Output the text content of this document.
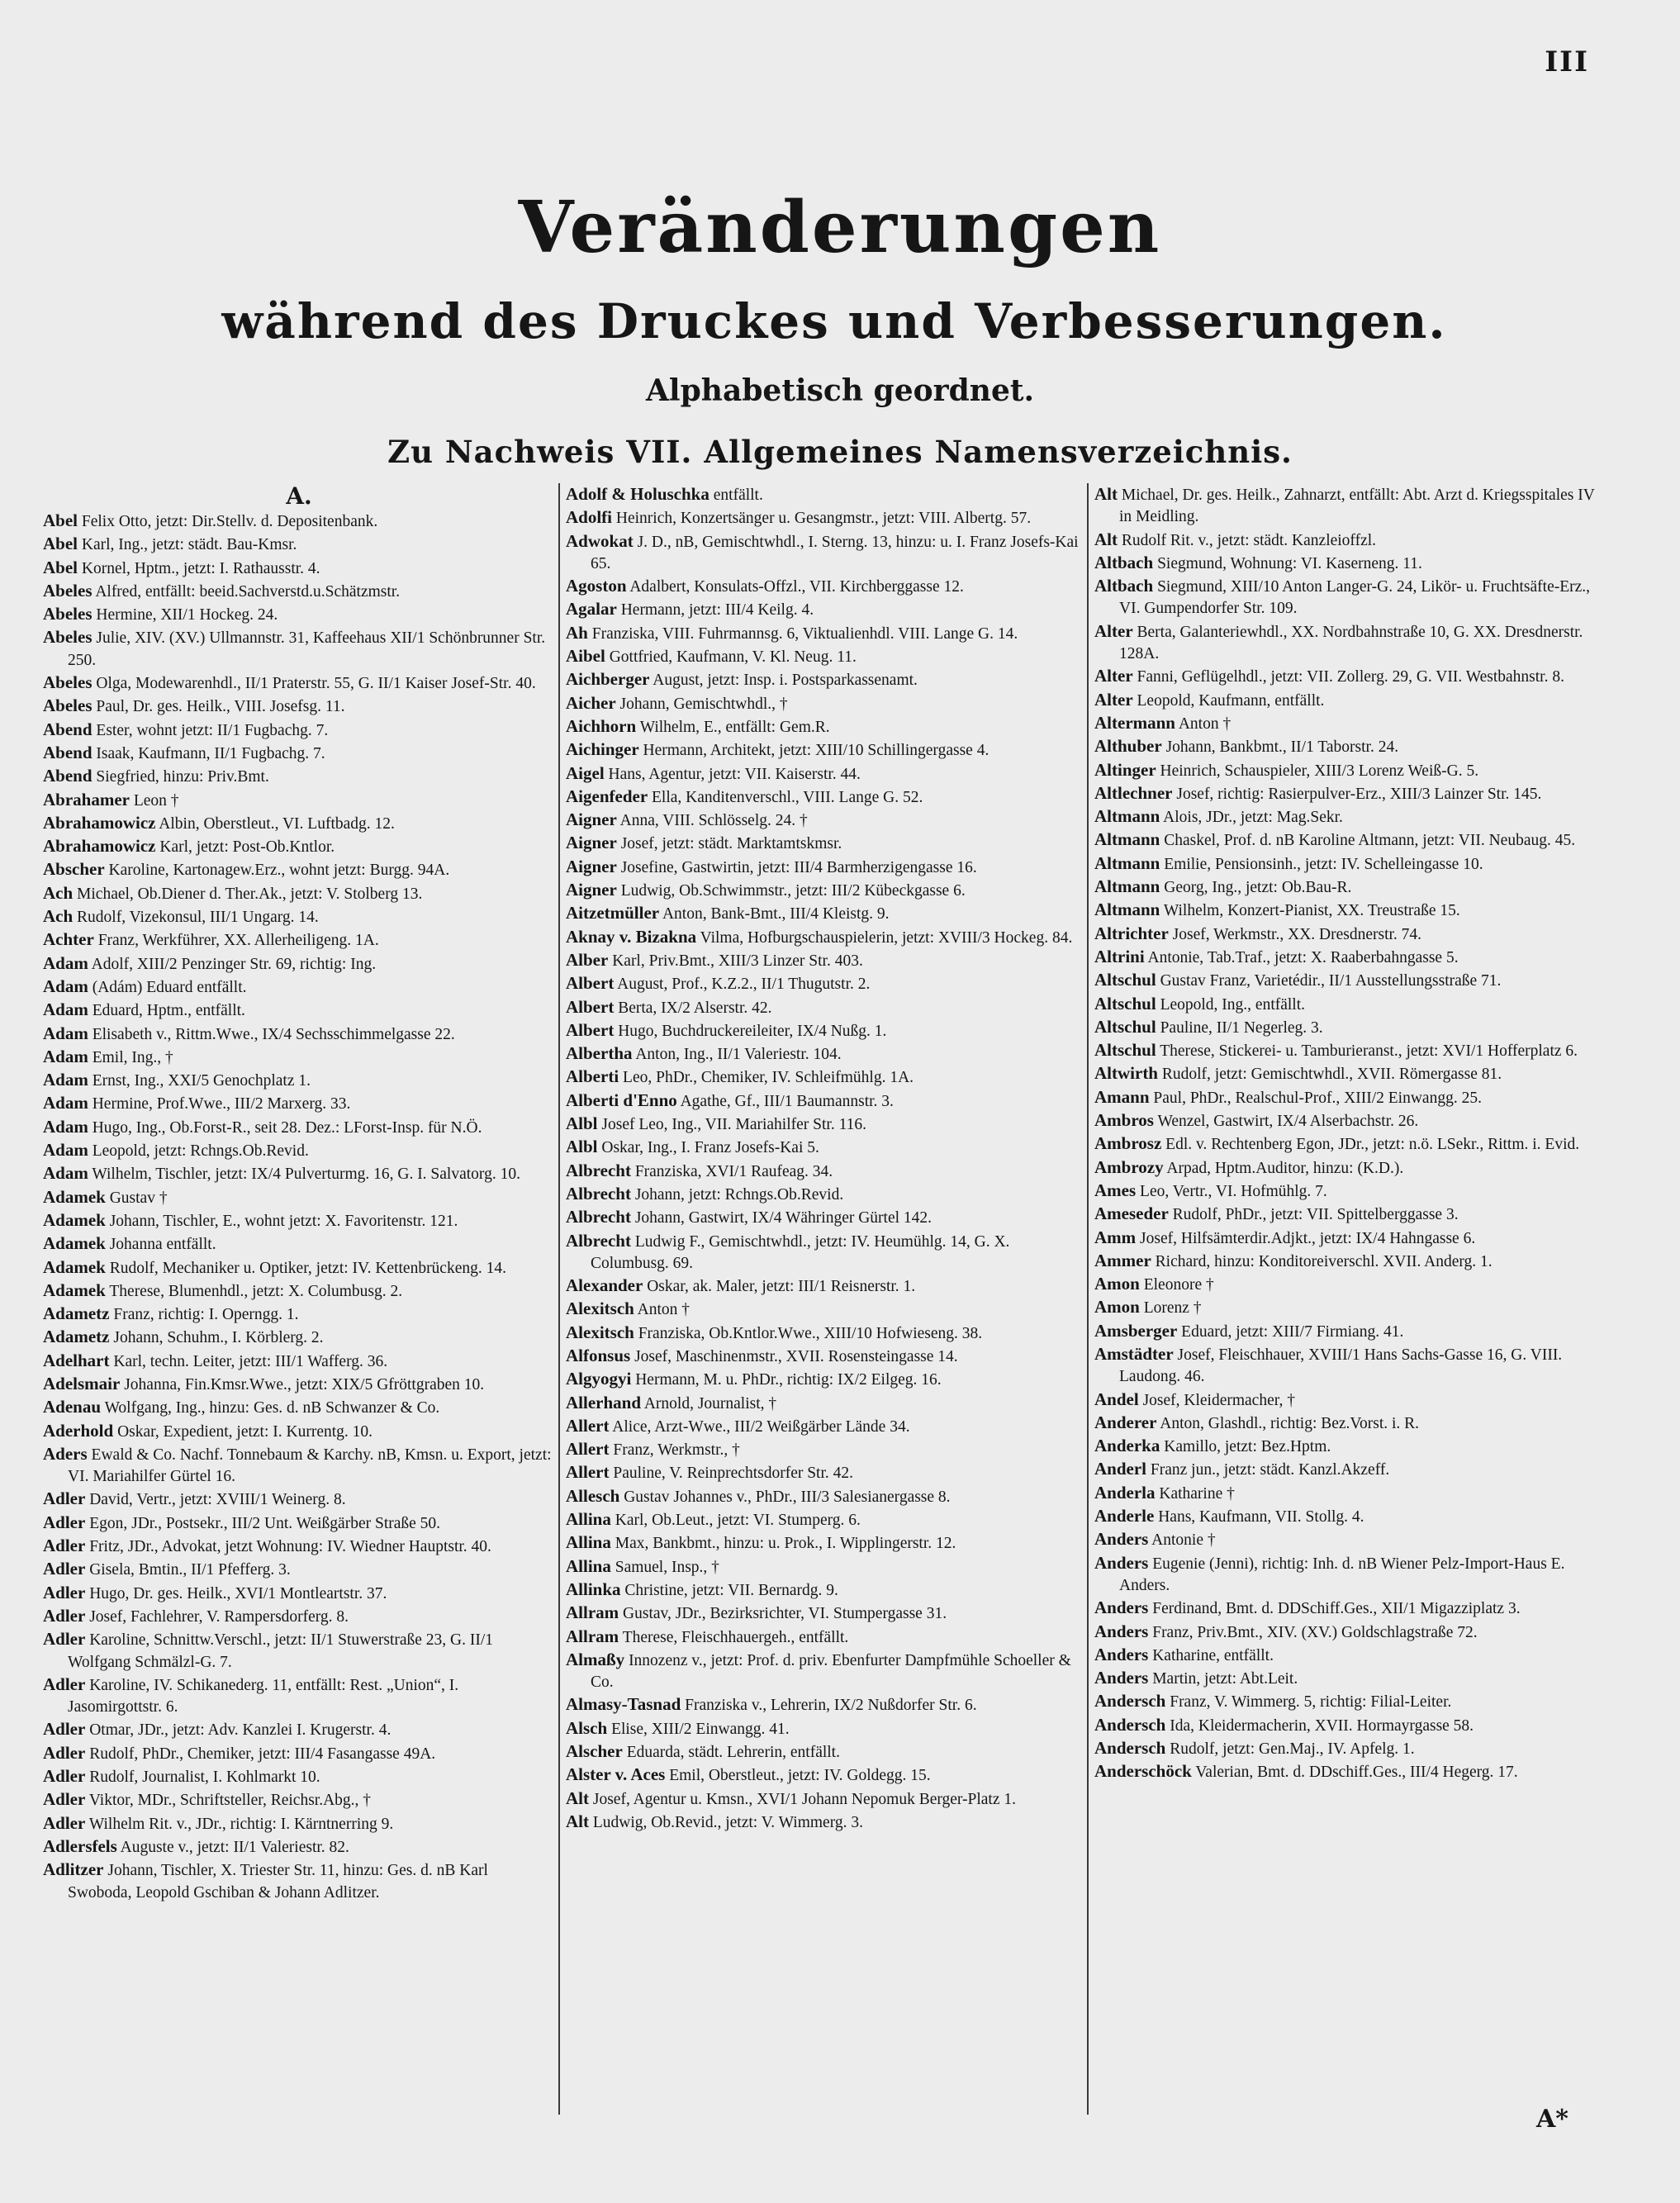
III
Veränderungen
während des Druckes und Verbesserungen.
Alphabetisch geordnet.
Zu Nachweis VII. Allgemeines Namensverzeichnis.
A.
Abel Felix Otto, jetzt: Dir.Stellv. d. Depositenbank.
Abel Karl, Ing., jetzt: städt. Bau-Kmsr.
Abel Kornel, Hptm., jetzt: I. Rathausstr. 4.
Abeles Alfred, entfällt: beeid.Sachverstd.u.Schätzmstr.
Abeles Hermine, XII/1 Hockeg. 24.
Abeles Julie, XIV. (XV.) Ullmannstr. 31, Kaffeehaus XII/1 Schönbrunner Str. 250.
Abeles Olga, Modewarenhdl., II/1 Praterstr. 55, G. II/1 Kaiser Josef-Str. 40.
Abeles Paul, Dr. ges. Heilk., VIII. Josefsg. 11.
Abend Ester, wohnt jetzt: II/1 Fugbachg. 7.
Abend Isaak, Kaufmann, II/1 Fugbachg. 7.
Abend Siegfried, hinzu: Priv.Bmt.
Abrahamer Leon †
Abrahamowicz Albin, Oberstleut., VI. Luftbadg. 12.
Abrahamowicz Karl, jetzt: Post-Ob.Kntlor.
Abscher Karoline, Kartonagew.Erz., wohnt jetzt: Burgg. 94A.
Ach Michael, Ob.Diener d. Ther.Ak., jetzt: V. Stolberg 13.
Ach Rudolf, Vizekonsul, III/1 Ungarg. 14.
Achter Franz, Werkführer, XX. Allerheiligeng. 1A.
Adam Adolf, XIII/2 Penzinger Str. 69, richtig: Ing.
Adam (Adám) Eduard entfällt.
Adam Eduard, Hptm., entfällt.
Adam Elisabeth v., Rittm.Wwe., IX/4 Sechsschimmelgasse 22.
Adam Emil, Ing., †
Adam Ernst, Ing., XXI/5 Genochplatz 1.
Adam Hermine, Prof.Wwe., III/2 Marxerg. 33.
Adam Hugo, Ing., Ob.Forst-R., seit 28. Dez.: LForst-Insp. für N.Ö.
Adam Leopold, jetzt: Rchngs.Ob.Revid.
Adam Wilhelm, Tischler, jetzt: IX/4 Pulverturmg. 16, G. I. Salvatorg. 10.
Adamek Gustav †
Adamek Johann, Tischler, E., wohnt jetzt: X. Favoritenstr. 121.
Adamek Johanna entfällt.
Adamek Rudolf, Mechaniker u. Optiker, jetzt: IV. Kettenbrückeng. 14.
Adamek Therese, Blumenhdl., jetzt: X. Columbusg. 2.
Adametz Franz, richtig: I. Operngg. 1.
Adametz Johann, Schuhm., I. Körblerg. 2.
Adelhart Karl, techn. Leiter, jetzt: III/1 Wafferg. 36.
Adelsmair Johanna, Fin.Kmsr.Wwe., jetzt: XIX/5 Gfröttgraben 10.
Adenau Wolfgang, Ing., hinzu: Ges. d. nB Schwanzer & Co.
Aderhold Oskar, Expedient, jetzt: I. Kurrentg. 10.
Aders Ewald & Co. Nachf. Tonnebaum & Karchy. nB, Kmsn. u. Export, jetzt: VI. Mariahilfer Gürtel 16.
Adler David, Vertr., jetzt: XVIII/1 Weinerg. 8.
Adler Egon, JDr., Postsekr., III/2 Unt. Weißgärber Straße 50.
Adler Fritz, JDr., Advokat, jetzt Wohnung: IV. Wiedner Hauptstr. 40.
Adler Gisela, Bmtin., II/1 Pfefferg. 3.
Adler Hugo, Dr. ges. Heilk., XVI/1 Montleartstr. 37.
Adler Josef, Fachlehrer, V. Rampersdorferg. 8.
Adler Karoline, Schnittw.Verschl., jetzt: II/1 Stuwerstraße 23, G. II/1 Wolfgang Schmälzl-G. 7.
Adler Karoline, IV. Schikanederg. 11, entfällt: Rest. „Union“, I. Jasomirgottstr. 6.
Adler Otmar, JDr., jetzt: Adv. Kanzlei I. Krugerstr. 4.
Adler Rudolf, PhDr., Chemiker, jetzt: III/4 Fasangasse 49A.
Adler Rudolf, Journalist, I. Kohlmarkt 10.
Adler Viktor, MDr., Schriftsteller, Reichsr.Abg., †
Adler Wilhelm Rit. v., JDr., richtig: I. Kärntnerring 9.
Adlersfels Auguste v., jetzt: II/1 Valeriestr. 82.
Adlitzer Johann, Tischler, X. Triester Str. 11, hinzu: Ges. d. nB Karl Swoboda, Leopold Gschiban & Johann Adlitzer.
Adolf & Holuschka entfällt.
Adolfi Heinrich, Konzertsänger u. Gesangmstr., jetzt: VIII. Albertg. 57.
Adwokat J. D., nB, Gemischtwhdl., I. Sterng. 13, hinzu: u. I. Franz Josefs-Kai 65.
Agoston Adalbert, Konsulats-Offzl., VII. Kirchberggasse 12.
Agalar Hermann, jetzt: III/4 Keilg. 4.
Ah Franziska, VIII. Fuhrmannsg. 6, Viktualienhdl. VIII. Lange G. 14.
Aibel Gottfried, Kaufmann, V. Kl. Neug. 11.
Aichberger August, jetzt: Insp. i. Postsparkassenamt.
Aicher Johann, Gemischtwhdl., †
Aichhorn Wilhelm, E., entfällt: Gem.R.
Aichinger Hermann, Architekt, jetzt: XIII/10 Schillingergasse 4.
Aigel Hans, Agentur, jetzt: VII. Kaiserstr. 44.
Aigenfeder Ella, Kanditenverschl., VIII. Lange G. 52.
Aigner Anna, VIII. Schlösselg. 24. †
Aigner Josef, jetzt: städt. Marktamtskmsr.
Aigner Josefine, Gastwirtin, jetzt: III/4 Barmherzigengasse 16.
Aigner Ludwig, Ob.Schwimmstr., jetzt: III/2 Kübeckgasse 6.
Aitzetmüller Anton, Bank-Bmt., III/4 Kleistg. 9.
Aknay v. Bizakna Vilma, Hofburgschauspielerin, jetzt: XVIII/3 Hockeg. 84.
Alber Karl, Priv.Bmt., XIII/3 Linzer Str. 403.
Albert August, Prof., K.Z.2., II/1 Thugutstr. 2.
Albert Berta, IX/2 Alserstr. 42.
Albert Hugo, Buchdruckereileiter, IX/4 Nußg. 1.
Albertha Anton, Ing., II/1 Valeriestr. 104.
Alberti Leo, PhDr., Chemiker, IV. Schleifmühlg. 1A.
Alberti d'Enno Agathe, Gf., III/1 Baumannstr. 3.
Albl Josef Leo, Ing., VII. Mariahilfer Str. 116.
Albl Oskar, Ing., I. Franz Josefs-Kai 5.
Albrecht Franziska, XVI/1 Raufeag. 34.
Albrecht Johann, jetzt: Rchngs.Ob.Revid.
Albrecht Johann, Gastwirt, IX/4 Währinger Gürtel 142.
Albrecht Ludwig F., Gemischtwhdl., jetzt: IV. Heumühlg. 14, G. X. Columbusg. 69.
Alexander Oskar, ak. Maler, jetzt: III/1 Reisnerstr. 1.
Alexitsch Anton †
Alexitsch Franziska, Ob.Kntlor.Wwe., XIII/10 Hofwieseng. 38.
Alfonsus Josef, Maschinenmstr., XVII. Rosensteingasse 14.
Algyogyi Hermann, M. u. PhDr., richtig: IX/2 Eilgeg. 16.
Allerhand Arnold, Journalist, †
Allert Alice, Arzt-Wwe., III/2 Weißgärber Lände 34.
Allert Franz, Werkmstr., †
Allert Pauline, V. Reinprechtsdorfer Str. 42.
Allesch Gustav Johannes v., PhDr., III/3 Salesianergasse 8.
Allina Karl, Ob.Leut., jetzt: VI. Stumperg. 6.
Allina Max, Bankbmt., hinzu: u. Prok., I. Wipplingerstr. 12.
Allina Samuel, Insp., †
Allinka Christine, jetzt: VII. Bernardg. 9.
Allram Gustav, JDr., Bezirksrichter, VI. Stumpergasse 31.
Allram Therese, Fleischhauergeh., entfällt.
Almaßy Innozenz v., jetzt: Prof. d. priv. Ebenfurter Dampfmühle Schoeller & Co.
Almasy-Tasnad Franziska v., Lehrerin, IX/2 Nußdorfer Str. 6.
Alsch Elise, XIII/2 Einwangg. 41.
Alscher Eduarda, städt. Lehrerin, entfällt.
Alster v. Aces Emil, Oberstleut., jetzt: IV. Goldegg. 15.
Alt Josef, Agentur u. Kmsn., XVI/1 Johann Nepomuk Berger-Platz 1.
Alt Ludwig, Ob.Revid., jetzt: V. Wimmerg. 3.
Alt Michael, Dr. ges. Heilk., Zahnarzt, entfällt: Abt. Arzt d. Kriegsspitales IV in Meidling.
Alt Rudolf Rit. v., jetzt: städt. Kanzleioffzl.
Altbach Siegmund, Wohnung: VI. Kaserneng. 11.
Altbach Siegmund, XIII/10 Anton Langer-G. 24, Likör- u. Fruchtsäfte-Erz., VI. Gumpendorfer Str. 109.
Alter Berta, Galanteriewhdl., XX. Nordbahnstraße 10, G. XX. Dresdnerstr. 128A.
Alter Fanni, Geflügelhdl., jetzt: VII. Zollerg. 29, G. VII. Westbahnstr. 8.
Alter Leopold, Kaufmann, entfällt.
Altermann Anton †
Althuber Johann, Bankbmt., II/1 Taborstr. 24.
Altinger Heinrich, Schauspieler, XIII/3 Lorenz Weiß-G. 5.
Altlechner Josef, richtig: Rasierpulver-Erz., XIII/3 Lainzer Str. 145.
Altmann Alois, JDr., jetzt: Mag.Sekr.
Altmann Chaskel, Prof. d. nB Karoline Altmann, jetzt: VII. Neubaug. 45.
Altmann Emilie, Pensionsinh., jetzt: IV. Schelleingasse 10.
Altmann Georg, Ing., jetzt: Ob.Bau-R.
Altmann Wilhelm, Konzert-Pianist, XX. Treustraße 15.
Altrichter Josef, Werkmstr., XX. Dresdnerstr. 74.
Altrini Antonie, Tab.Traf., jetzt: X. Raaberbahngasse 5.
Altschul Gustav Franz, Varietédir., II/1 Ausstellungsstraße 71.
Altschul Leopold, Ing., entfällt.
Altschul Pauline, II/1 Negerleg. 3.
Altschul Therese, Stickerei- u. Tamburieranst., jetzt: XVI/1 Hofferplatz 6.
Altwirth Rudolf, jetzt: Gemischtwhdl., XVII. Römergasse 81.
Amann Paul, PhDr., Realschul-Prof., XIII/2 Einwangg. 25.
Ambros Wenzel, Gastwirt, IX/4 Alserbachstr. 26.
Ambrosz Edl. v. Rechtenberg Egon, JDr., jetzt: n.ö. LSekr., Rittm. i. Evid.
Ambrozy Arpad, Hptm.Auditor, hinzu: (K.D.).
Ames Leo, Vertr., VI. Hofmühlg. 7.
Ameseder Rudolf, PhDr., jetzt: VII. Spittelberggasse 3.
Amm Josef, Hilfsämterdir.Adjkt., jetzt: IX/4 Hahngasse 6.
Ammer Richard, hinzu: Konditoreiverschl. XVII. Anderg. 1.
Amon Eleonore †
Amon Lorenz †
Amsberger Eduard, jetzt: XIII/7 Firmiang. 41.
Amstädter Josef, Fleischhauer, XVIII/1 Hans Sachs-Gasse 16, G. VIII. Laudong. 46.
Andel Josef, Kleidermacher, †
Anderer Anton, Glashdl., richtig: Bez.Vorst. i. R.
Anderka Kamillo, jetzt: Bez.Hptm.
Anderl Franz jun., jetzt: städt. Kanzl.Akzeff.
Anderla Katharine †
Anderle Hans, Kaufmann, VII. Stollg. 4.
Anders Antonie †
Anders Eugenie (Jenni), richtig: Inh. d. nB Wiener Pelz-Import-Haus E. Anders.
Anders Ferdinand, Bmt. d. DDSchiff.Ges., XII/1 Migazziplatz 3.
Anders Franz, Priv.Bmt., XIV. (XV.) Goldschlagstraße 72.
Anders Katharine, entfällt.
Anders Martin, jetzt: Abt.Leit.
Andersch Franz, V. Wimmerg. 5, richtig: Filial-Leiter.
Andersch Ida, Kleidermacherin, XVII. Hormayrgasse 58.
Andersch Rudolf, jetzt: Gen.Maj., IV. Apfelg. 1.
Anderschöck Valerian, Bmt. d. DDschiff.Ges., III/4 Hegerg. 17.
A*
